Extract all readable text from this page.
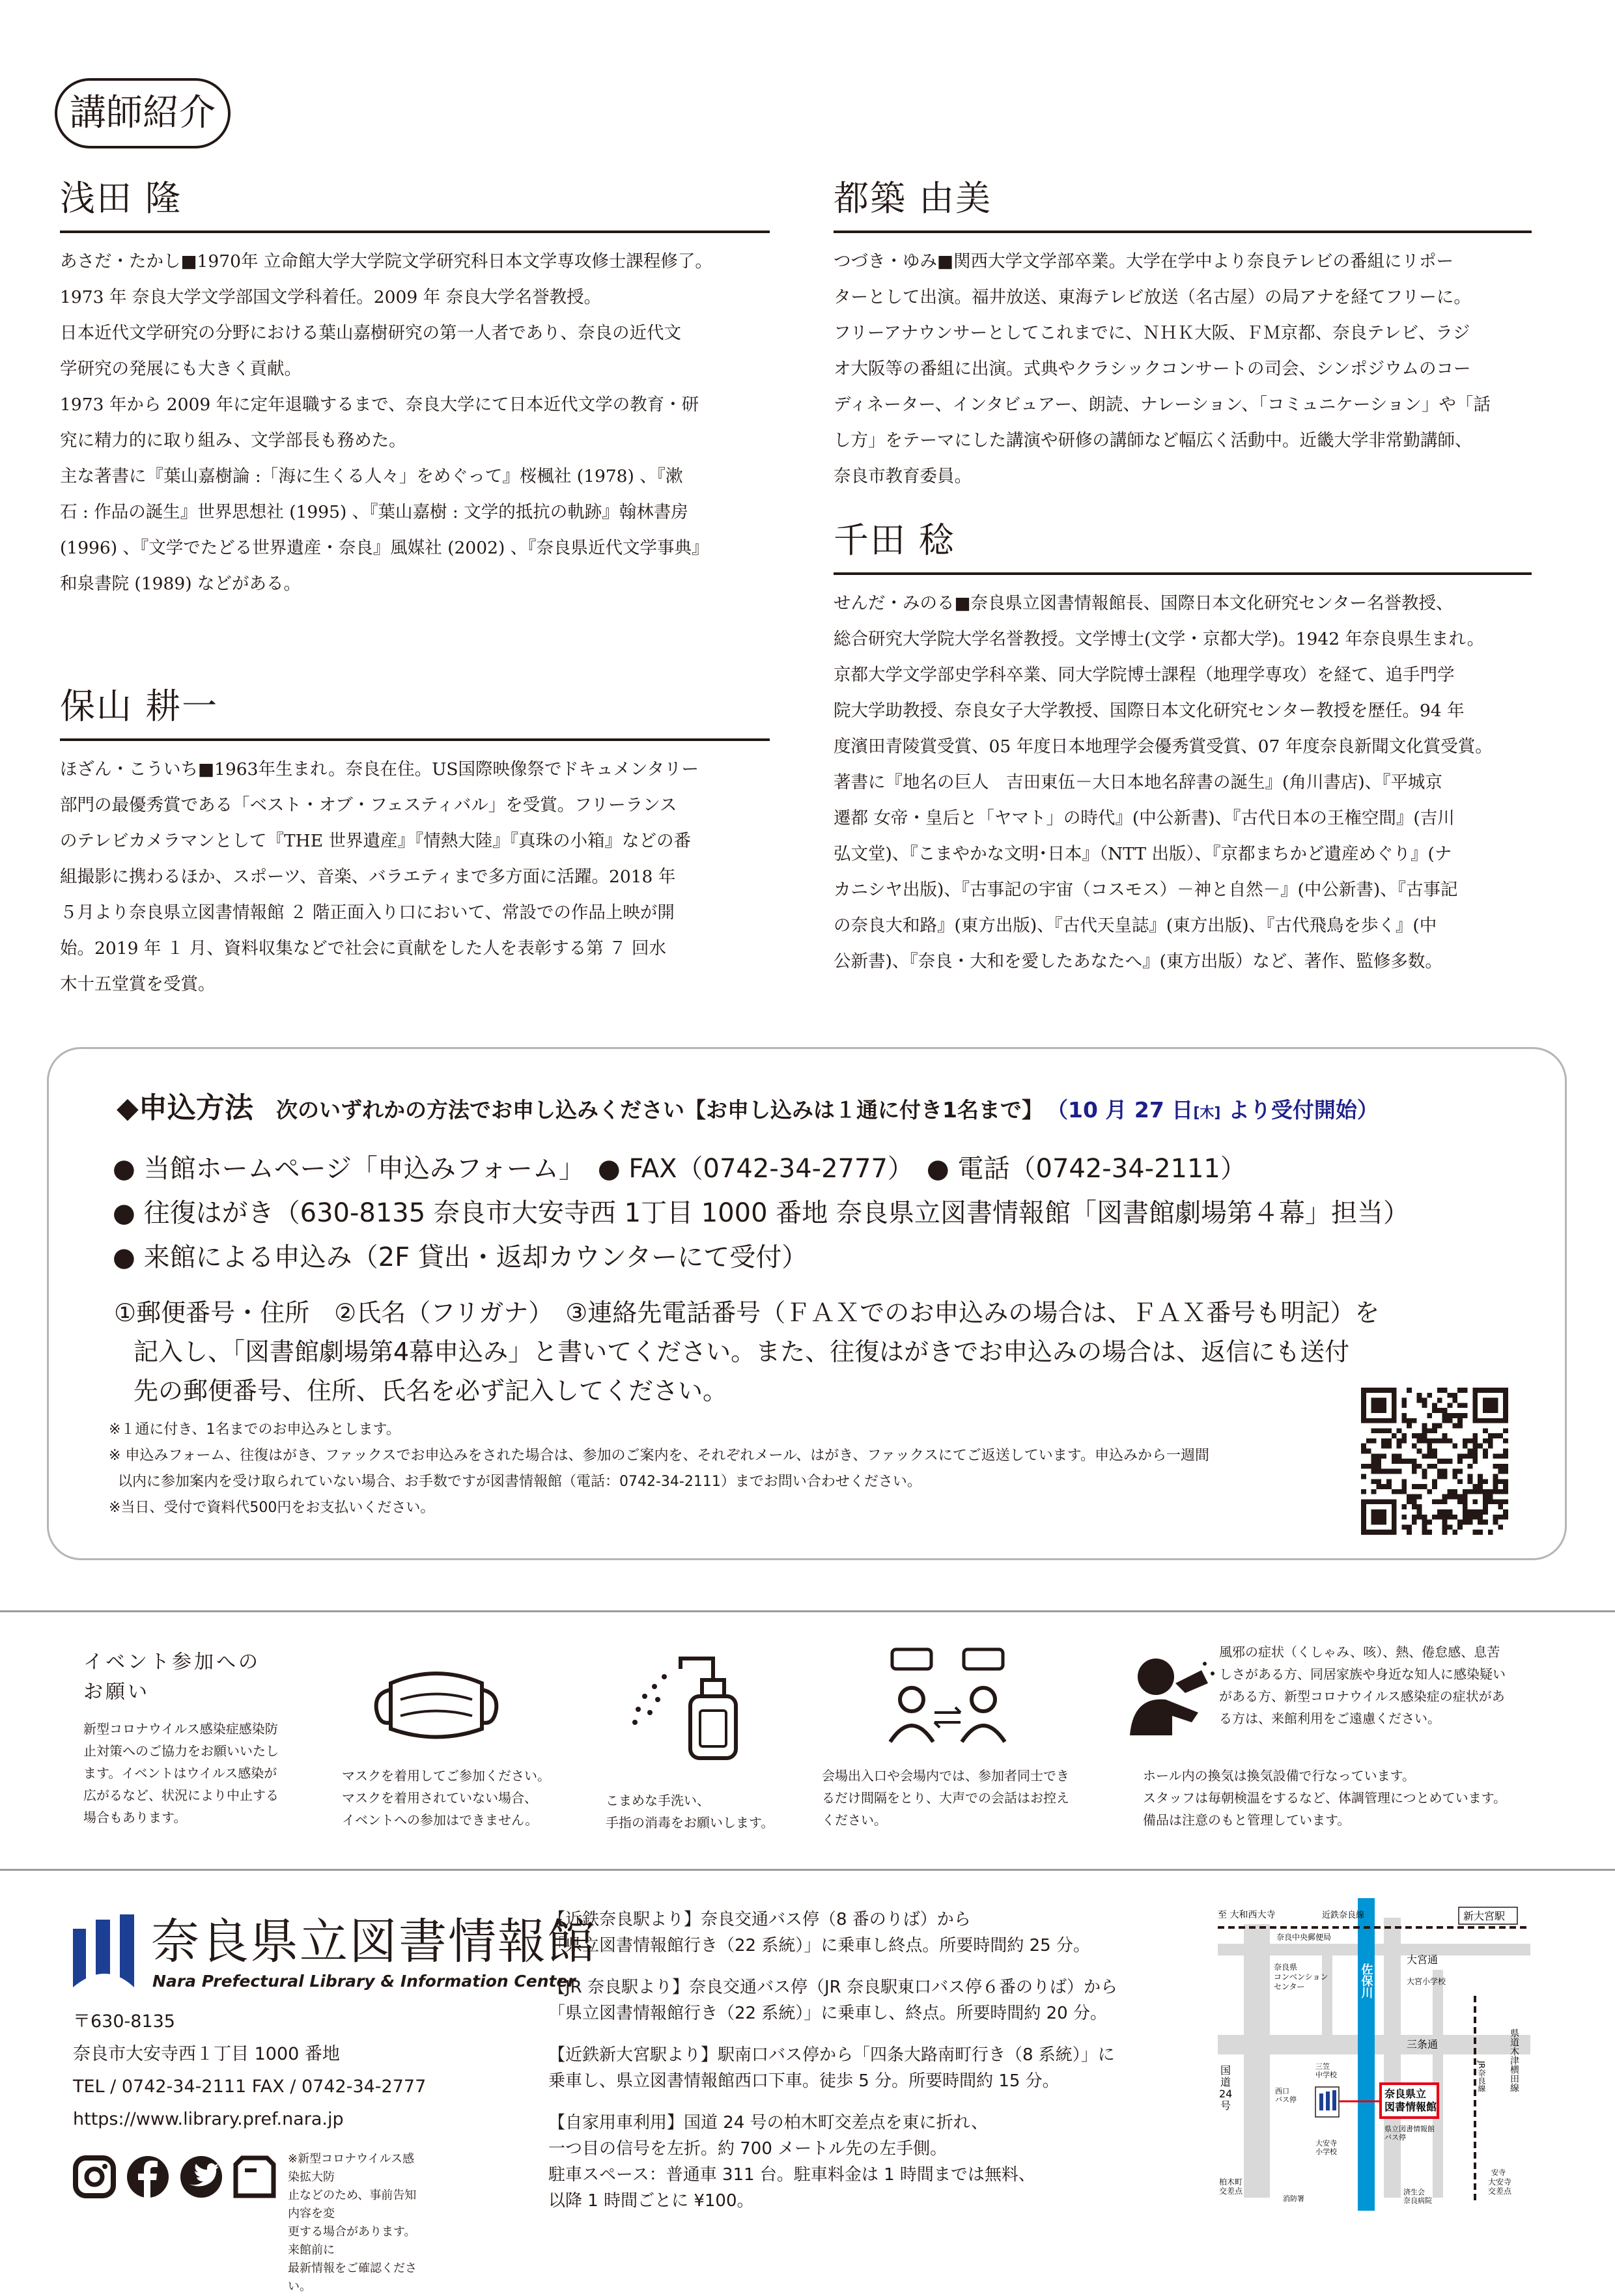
講師紹介
浅田 隆

あさだ・たかし■1970年 立命館大学大学院文学研究科日本文学専攻修士課程修了。

1973 年 奈良大学文学部国文学科着任。2009 年 奈良大学名誉教授。

日本近代文学研究の分野における葉山嘉樹研究の第一人者であり、奈良の近代文

学研究の発展にも大きく貢献。

1973 年から 2009 年に定年退職するまで、奈良大学にて日本近代文学の教育・研

究に精力的に取り組み、文学部長も務めた。

主な著書に『葉山嘉樹論 :「海に生くる人々」をめぐって』桜楓社 (1978) 、『漱

石 : 作品の誕生』世界思想社 (1995) 、『葉山嘉樹 : 文学的抵抗の軌跡』翰林書房

(1996) 、『文学でたどる世界遺産・奈良』風媒社 (2002) 、『奈良県近代文学事典』

和泉書院 (1989) などがある。

保山 耕一

ほざん・こういち■1963年生まれ。奈良在住。US国際映像祭でドキュメンタリー

部門の最優秀賞である「ベスト・オブ・フェスティバル」を受賞。フリーランス

のテレビカメラマンとして『THE 世界遺産』『情熱大陸』『真珠の小箱』などの番

組撮影に携わるほか、スポーツ、音楽、バラエティまで多方面に活躍。2018 年

５月より奈良県立図書情報館 ２ 階正面入り口において、常設での作品上映が開

始。2019 年 １ 月、資料収集などで社会に貢献をした人を表彰する第 ７ 回水

木十五堂賞を受賞。

都築 由美

つづき・ゆみ■関西大学文学部卒業。大学在学中より奈良テレビの番組にリポー

ターとして出演。福井放送、東海テレビ放送（名古屋）の局アナを経てフリーに。

フリーアナウンサーとしてこれまでに、ＮＨＫ大阪、ＦＭ京都、奈良テレビ、ラジ

オ大阪等の番組に出演。式典やクラシックコンサートの司会、シンポジウムのコー

ディネーター、インタビュアー、朗読、ナレーション、「コミュニケーション」や「話

し方」をテーマにした講演や研修の講師など幅広く活動中。近畿大学非常勤講師、

奈良市教育委員。

千田 稔

せんだ・みのる■奈良県立図書情報館長、国際日本文化研究センター名誉教授、

総合研究大学院大学名誉教授。文学博士(文学・京都大学)。1942 年奈良県生まれ。

京都大学文学部史学科卒業、同大学院博士課程（地理学専攻）を経て、追手門学

院大学助教授、奈良女子大学教授、国際日本文化研究センター教授を歴任。94 年

度濱田青陵賞受賞、05 年度日本地理学会優秀賞受賞、07 年度奈良新聞文化賞受賞。

著書に『地名の巨人　吉田東伍－大日本地名辞書の誕生』(角川書店)、『平城京

遷都 女帝・皇后と「ヤマト」の時代』(中公新書)、『古代日本の王権空間』(吉川

弘文堂)、『こまやかな文明･日本』（NTT 出版）、『京都まちかど遺産めぐり』(ナ

カニシヤ出版)、『古事記の宇宙（コスモス）－神と自然－』(中公新書)、『古事記

の奈良大和路』(東方出版)、『古代天皇誌』(東方出版)、『古代飛鳥を歩く』(中

公新書)、『奈良・大和を愛したあなたへ』(東方出版）など、著作、監修多数。

◆申込方法 次のいずれかの方法でお申し込みください【お申し込みは１通に付き1名まで】 （10 月 27 日[木] より受付開始）
● 当館ホームページ「申込みフォーム」　● FAX（0742-34-2777）　● 電話（0742-34-2111）
● 往復はがき（630-8135 奈良市大安寺西 1丁目 1000 番地 奈良県立図書情報館「図書館劇場第４幕」担当）
● 来館による申込み（2F 貸出・返却カウンターにて受付）
①郵便番号・住所　②氏名（フリガナ）　③連絡先電話番号（ＦＡＸでのお申込みの場合は、ＦＡＸ番号も明記）を
記入し、「図書館劇場第4幕申込み」と書いてください。また、往復はがきでお申込みの場合は、返信にも送付
先の郵便番号、住所、氏名を必ず記入してください。
※１通に付き、1名までのお申込みとします。
※ 申込みフォーム、往復はがき、ファックスでお申込みをされた場合は、参加のご案内を、それぞれメール、はがき、ファックスにてご返送しています。申込みから一週間
以内に参加案内を受け取られていない場合、お手数ですが図書情報館（電話：0742-34-2111）までお問い合わせください。
※当日、受付で資料代500円をお支払いください。
イベント参加への
お願い
新型コロナウイルス感染症感染防
止対策へのご協力をお願いいたし
ます。イベントはウイルス感染が
広がるなど、状況により中止する
場合もあります。
マスクを着用してご参加ください。
マスクを着用されていない場合、
イベントへの参加はできません。
こまめな手洗い、
手指の消毒をお願いします。
会場出入口や会場内では、参加者同士でき
るだけ間隔をとり、大声での会話はお控え
ください。
風邪の症状（くしゃみ、咳）、熱、倦怠感、息苦
しさがある方、同居家族や身近な知人に感染疑い
がある方、新型コロナウイルス感染症の症状があ
る方は、来館利用をご遠慮ください。
ホール内の換気は換気設備で行なっています。
スタッフは毎朝検温をするなど、体調管理につとめています。
備品は注意のもと管理しています。
奈良県立図書情報館
Nara Prefectural Library & Information Center
〒630-8135
奈良市大安寺西１丁目 1000 番地
TEL / 0742-34-2111 FAX / 0742-34-2777
https://www.library.pref.nara.jp
※新型コロナウイルス感染拡大防
止などのため、事前告知内容を変
更する場合があります。来館前に
最新情報をご確認ください。
【近鉄奈良駅より】奈良交通バス停（8 番のりば）から
「県立図書情報館行き（22 系統）」に乗車し終点。所要時間約 25 分。
【JR 奈良駅より】奈良交通バス停（JR 奈良駅東口バス停６番のりば）から
「県立図書情報館行き（22 系統）」に乗車し、終点。所要時間約 20 分。
【近鉄新大宮駅より】駅南口バス停から「四条大路南町行き（8 系統）」に
乗車し、県立図書情報館西口下車。徒歩 5 分。所要時間約 15 分。
【自家用車利用】国道 24 号の柏木町交差点を東に折れ、
一つ目の信号を左折。約 700 メートル先の左手側。
駐車スペース：普通車 311 台。駐車料金は 1 時間までは無料、
以降 1 時間ごとに ¥100。
至 大和西大寺	近鉄奈良線	新大宮駅
奈良中央郵便局
大宮通
大宮小学校
奈良県コンベンションセンター	佐保川
三条通
JR奈良線	県道木津横田線
国道 24 号
三笠中学校
西口バス停	奈良県立図書情報館
県立図書情報館バス停
大安寺小学校
柏木町交差点
消防署
済生会奈良病院
安寺
大安寺交差点
